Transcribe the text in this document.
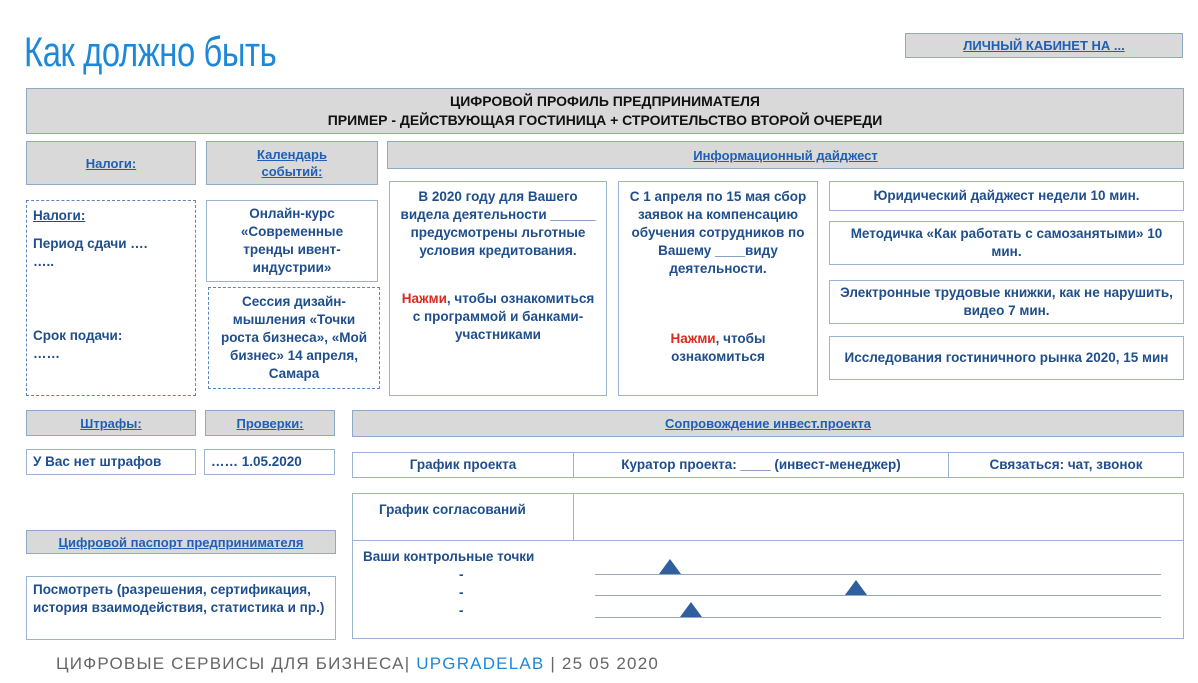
Как должно быть	ЛИЧНЫЙ КАБИНЕТ НА ...
ЦИФРОВОЙ ПРОФИЛЬ ПРЕДПРИНИМАТЕЛЯ
ПРИМЕР - ДЕЙСТВУЮЩАЯ ГОСТИНИЦА + СТРОИТЕЛЬСТВО ВТОРОЙ ОЧЕРЕДИ
Налоги:
Налоги:
Период сдачи ….
…..
Срок подачи:
……
Календарь событий:
Онлайн-курс «Современные тренды ивент-индустрии»
Сессия дизайн-мышления «Точки роста бизнеса», «Мой бизнес» 14 апреля, Самара
Информационный дайджест
В 2020 году для Вашего видела деятельности ______ предусмотрены льготные условия кредитования.
Нажми, чтобы ознакомиться с программой и банками-участниками
С 1 апреля по 15 мая сбор заявок на компенсацию обучения сотрудников по Вашему ____виду деятельности.
Нажми, чтобы ознакомиться
Юридический дайджест недели 10 мин.
Методичка «Как работать с самозанятыми» 10 мин.
Электронные трудовые книжки, как не нарушить, видео 7 мин.
Исследования гостиничного рынка 2020, 15 мин
Штрафы:
У Вас нет штрафов
Проверки:
…… 1.05.2020
Цифровой паспорт предпринимателя
Посмотреть (разрешения, сертификация, история взаимодействия, статистика и пр.)
Сопровождение инвест.проекта
График проекта	Куратор проекта: ____ (инвест-менеджер)	Связаться: чат, звонок
График согласований
Ваши контрольные точки
-
-
-
ЦИФРОВЫЕ СЕРВИСЫ ДЛЯ БИЗНЕСА| UPGRADELAB | 25 05 2020
